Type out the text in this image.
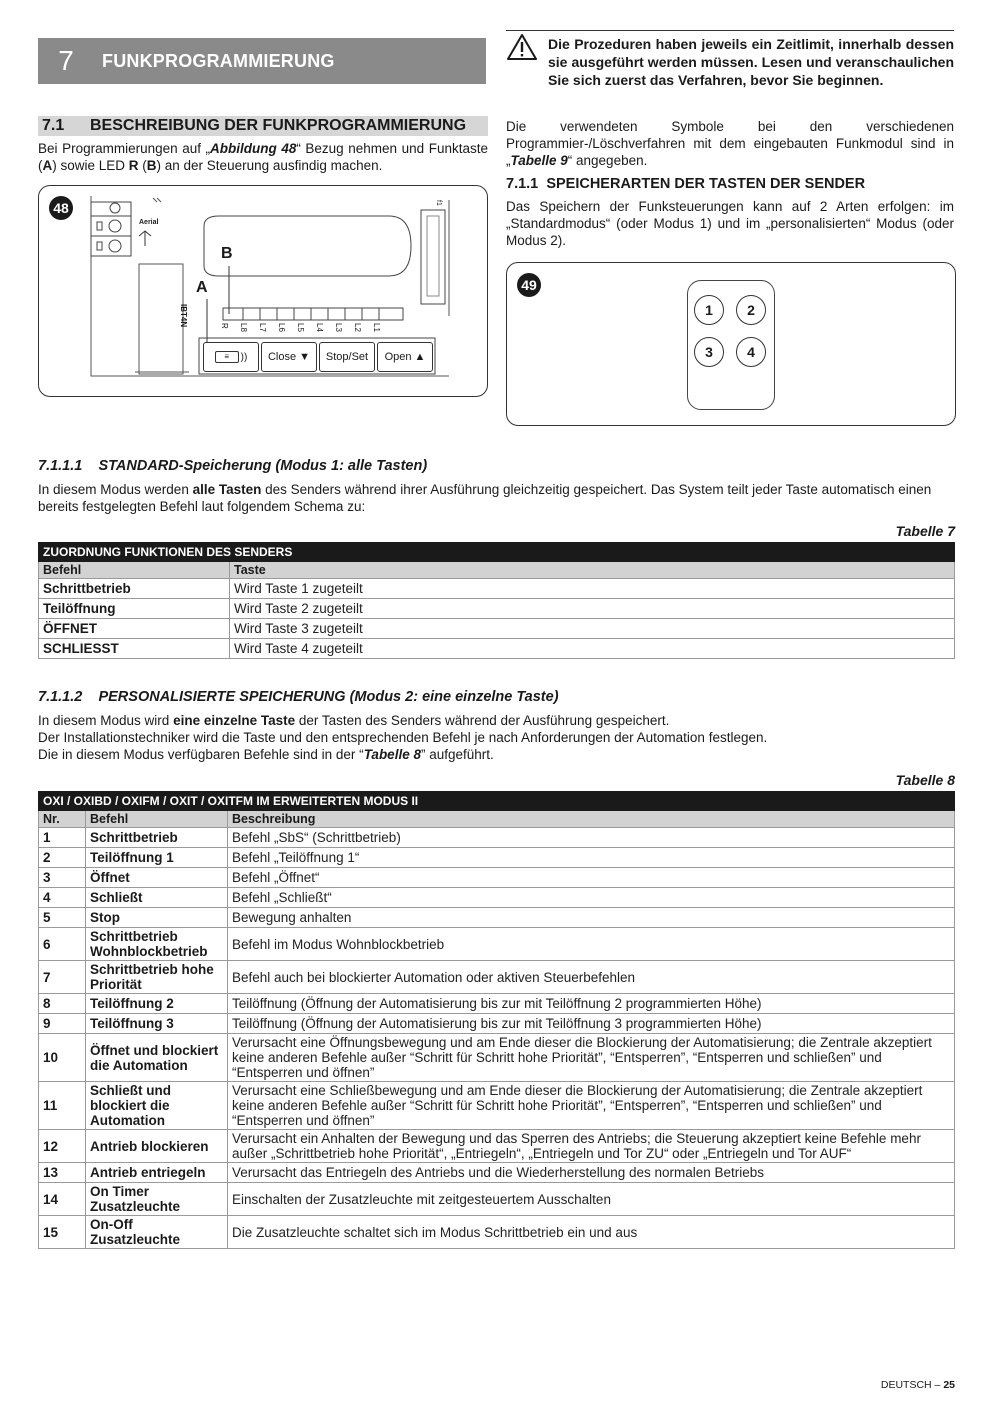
7	FUNKPROGRAMMIERUNG
7.1 BESCHREIBUNG DER FUNKPROGRAMMIERUNG

Bei Programmierungen auf „Abbildung 48“ Bezug nehmen und Funktaste (A) sowie LED R (B) an der Steuerung ausfindig machen.

48
Aerial
IBT4N
f1
A
B
R L8 L7 L6 L5 L4 L3 L2 L1
≡	))	Close ▼	Stop/Set	Open ▲
Die Prozeduren haben jeweils ein Zeitlimit, innerhalb dessen sie ausgeführt werden müssen. Lesen und veranschaulichen Sie sich zuerst das Verfahren, bevor Sie beginnen.

Die verwendeten Symbole bei den verschiedenen Programmier-/Löschverfahren mit dem eingebauten Funkmodul sind in „Tabelle 9“ angegeben.

7.1.1 SPEICHERARTEN DER TASTEN DER SENDER

Das Speichern der Funksteuerungen kann auf 2 Arten erfolgen: im „Standardmodus“ (oder Modus 1) und im „personalisierten“ Modus (oder Modus 2).

49
1	2
3	4
7.1.1.1 STANDARD-Speicherung (Modus 1: alle Tasten)

In diesem Modus werden alle Tasten des Senders während ihrer Ausführung gleichzeitig gespeichert. Das System teilt jeder Taste automatisch einen bereits festgelegten Befehl laut folgendem Schema zu:

Tabelle 7
ZUORDNUNG FUNKTIONEN DES SENDERS	
Befehl	Taste
Schrittbetrieb	Wird Taste 1 zugeteilt
Teilöffnung	Wird Taste 2 zugeteilt
ÖFFNET	Wird Taste 3 zugeteilt
SCHLIESST	Wird Taste 4 zugeteilt
7.1.1.2 PERSONALISIERTE SPEICHERUNG (Modus 2: eine einzelne Taste)

In diesem Modus wird eine einzelne Taste der Tasten des Senders während der Ausführung gespeichert.

Der Installationstechniker wird die Taste und den entsprechenden Befehl je nach Anforderungen der Automation festlegen.

Die in diesem Modus verfügbaren Befehle sind in der “Tabelle 8” aufgeführt.

Tabelle 8
OXI / OXIBD / OXIFM / OXIT / OXITFM IM ERWEITERTEN MODUS II		
Nr.	Befehl	Beschreibung
1	Schrittbetrieb	Befehl „SbS“ (Schrittbetrieb)
2	Teilöffnung 1	Befehl „Teilöffnung 1“
3	Öffnet	Befehl „Öffnet“
4	Schließt	Befehl „Schließt“
5	Stop	Bewegung anhalten
6	Schrittbetrieb Wohnblockbetrieb	Befehl im Modus Wohnblockbetrieb
7	Schrittbetrieb hohe Priorität	Befehl auch bei blockierter Automation oder aktiven Steuerbefehlen
8	Teilöffnung 2	Teilöffnung (Öffnung der Automatisierung bis zur mit Teilöffnung 2 programmierten Höhe)
9	Teilöffnung 3	Teilöffnung (Öffnung der Automatisierung bis zur mit Teilöffnung 3 programmierten Höhe)
10	Öffnet und blockiert die Automation	Verursacht eine Öffnungsbewegung und am Ende dieser die Blockierung der Automatisierung; die Zentrale akzeptiert keine anderen Befehle außer “Schritt für Schritt hohe Priorität”, “Entsperren”, “Entsperren und schließen” und “Entsperren und öffnen”
11	Schließt und blockiert die Automation	Verursacht eine Schließbewegung und am Ende dieser die Blockierung der Automatisierung; die Zentrale akzeptiert keine anderen Befehle außer “Schritt für Schritt hohe Priorität”, “Entsperren”, “Entsperren und schließen” und “Entsperren und öffnen”
12	Antrieb blockieren	Verursacht ein Anhalten der Bewegung und das Sperren des Antriebs; die Steuerung akzeptiert keine Befehle mehr außer „Schrittbetrieb hohe Priorität“, „Entriegeln“, „Entriegeln und Tor ZU“ oder „Entriegeln und Tor AUF“
13	Antrieb entriegeln	Verursacht das Entriegeln des Antriebs und die Wiederherstellung des normalen Betriebs
14	On Timer Zusatzleuchte	Einschalten der Zusatzleuchte mit zeitgesteuertem Ausschalten
15	On-Off Zusatzleuchte	Die Zusatzleuchte schaltet sich im Modus Schrittbetrieb ein und aus
DEUTSCH – 25
